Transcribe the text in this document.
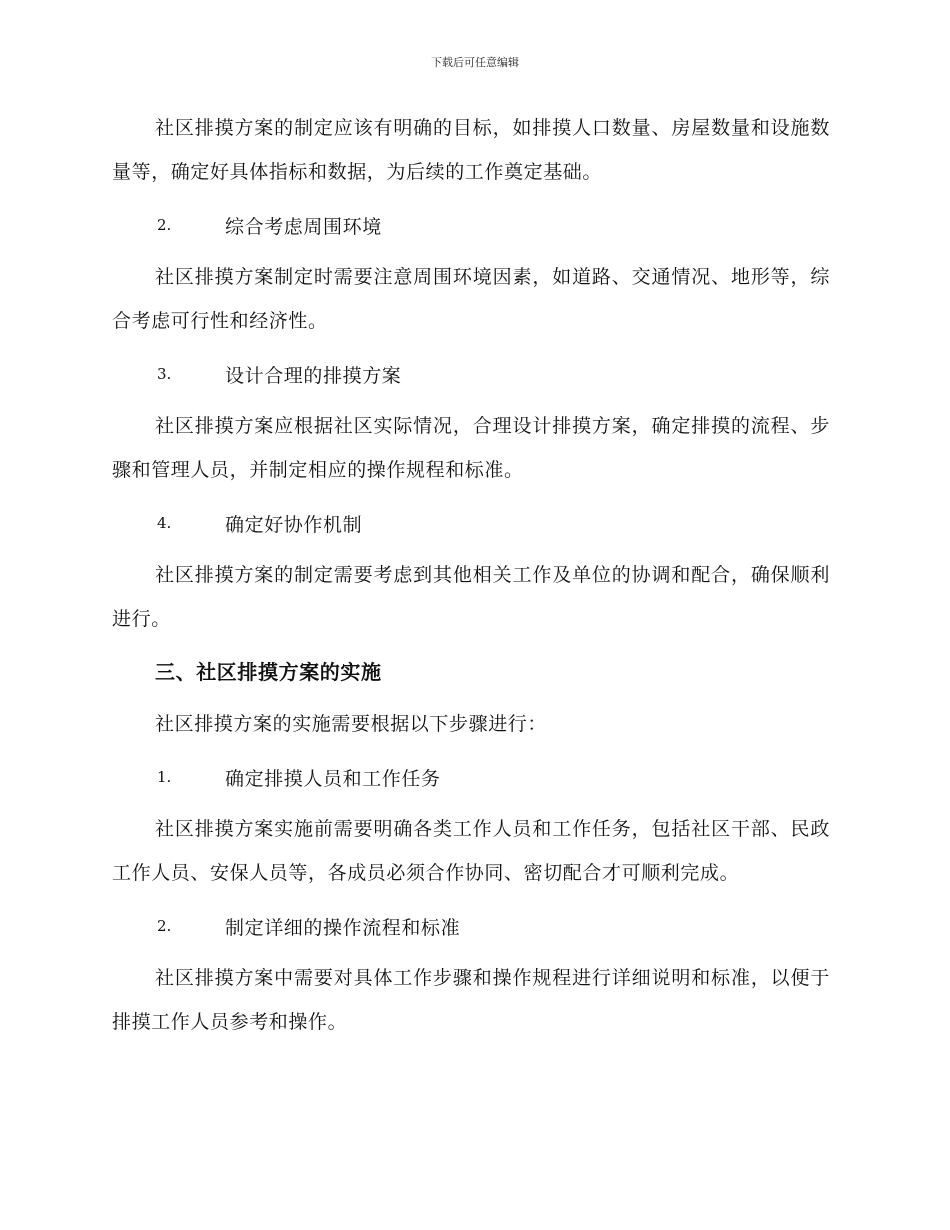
下载后可任意编辑

社区排摸方案的制定应该有明确的目标，如排摸人口数量、房屋数量和设施数量等，确定好具体指标和数据，为后续的工作奠定基础。

2.	综合考虑周围环境

社区排摸方案制定时需要注意周围环境因素，如道路、交通情况、地形等，综合考虑可行性和经济性。

3.	设计合理的排摸方案

社区排摸方案应根据社区实际情况，合理设计排摸方案，确定排摸的流程、步骤和管理人员，并制定相应的操作规程和标准。

4.	确定好协作机制

社区排摸方案的制定需要考虑到其他相关工作及单位的协调和配合，确保顺利进行。

三、社区排摸方案的实施

社区排摸方案的实施需要根据以下步骤进行：

1.	确定排摸人员和工作任务

社区排摸方案实施前需要明确各类工作人员和工作任务，包括社区干部、民政工作人员、安保人员等，各成员必须合作协同、密切配合才可顺利完成。

2.	制定详细的操作流程和标准

社区排摸方案中需要对具体工作步骤和操作规程进行详细说明和标准，以便于排摸工作人员参考和操作。
